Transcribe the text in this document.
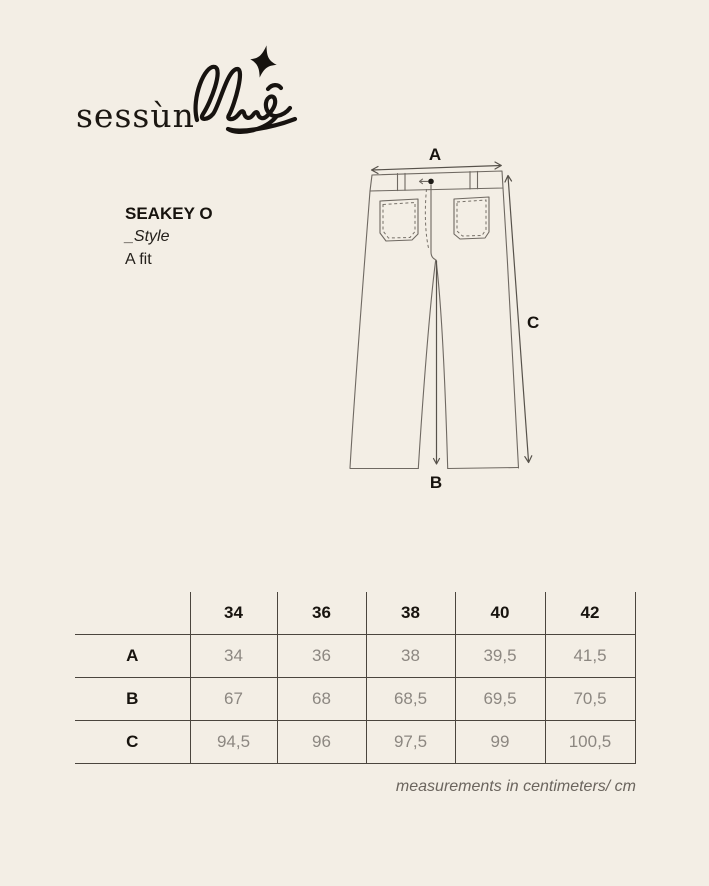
sessùn
SEAKEY O
_Style
A fit
A
B
C
	34	36	38	40	42
A	34	36	38	39,5	41,5
B	67	68	68,5	69,5	70,5
C	94,5	96	97,5	99	100,5
measurements in centimeters/ cm
